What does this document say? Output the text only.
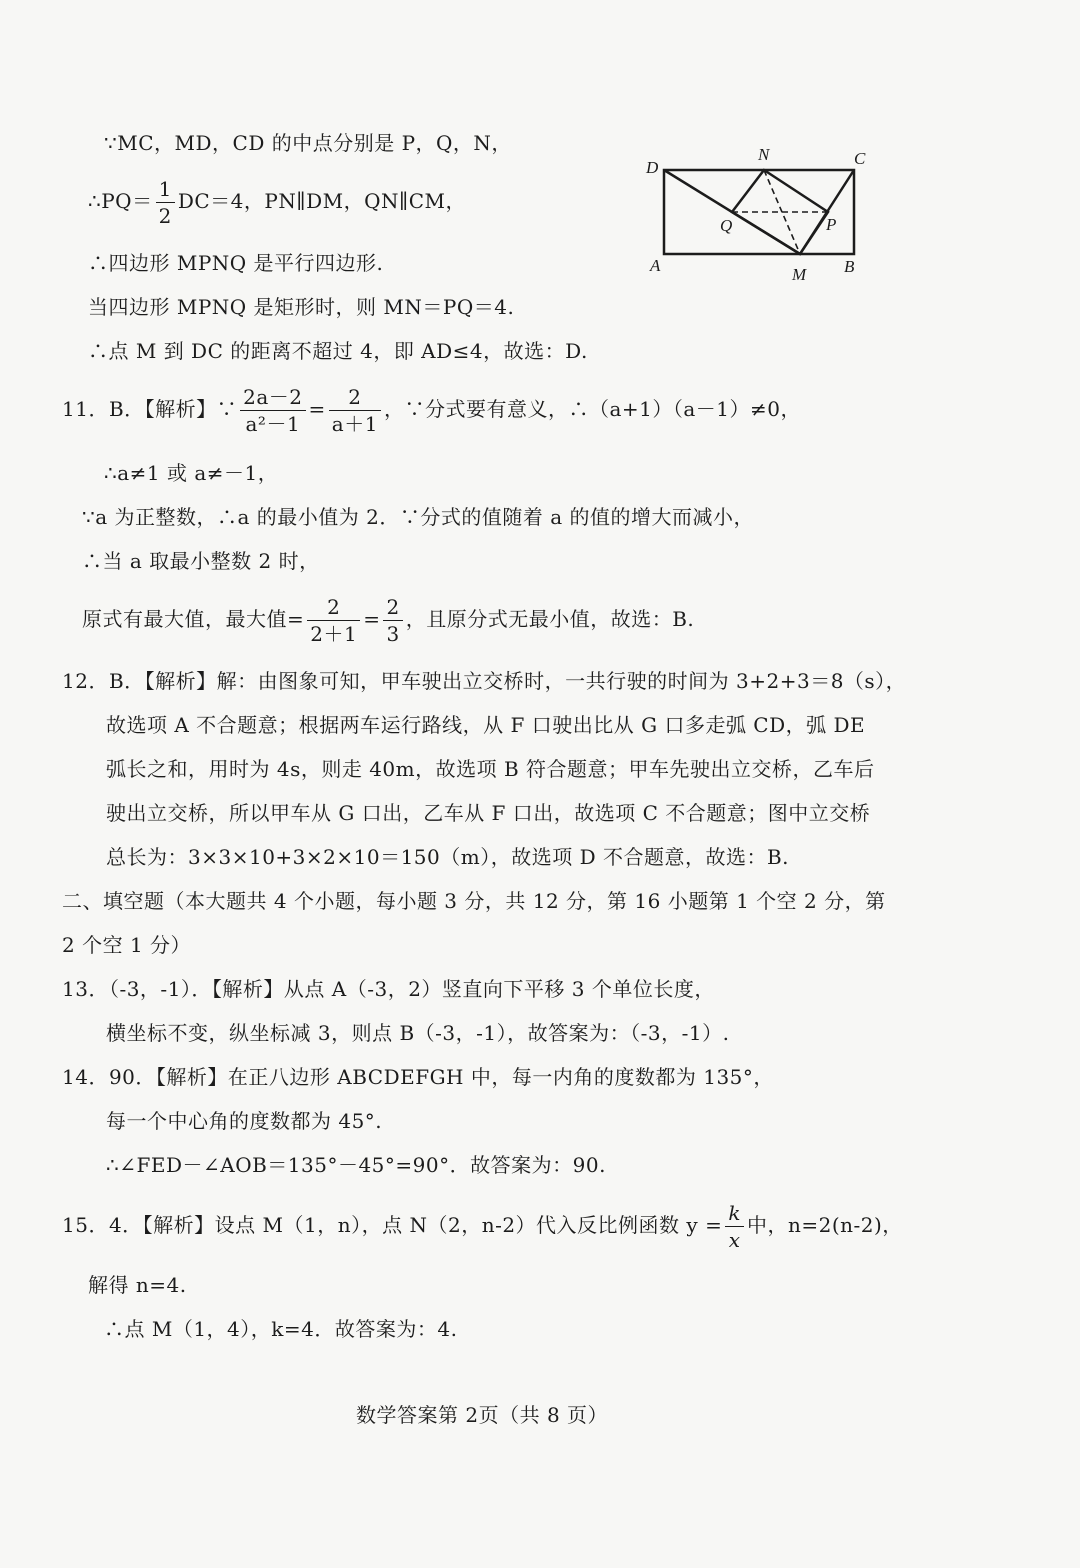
D
N	C
Q	P
A	M B
∵MC，MD，CD 的中点分别是 P，Q，N，
∴PQ＝ $\frac{1}{2} DC=4$，PN∥DM，QN∥CM，
∴四边形 MPNQ 是平行四边形.
当四边形 MPNQ 是矩形时，则 MN＝PQ＝4.
∴点 M 到 DC 的距离不超过 4，即 AD≤4，故选：D.
11．B．【解析】∵ $\frac{2a-2}{\text{a²－1}} = \frac{2}{a+1}$ ，∵分式要有意义，∴（a+1）（a－1）≠0，
∴a≠1 或 a≠－1，
∵a 为正整数，∴a 的最小值为 2．∵分式的值随着 a 的值的增大而减小，
∴当 a 取最小整数 2 时，
原式有最大值，最大值= $\frac{2}{2+1} = \frac{2}{3}$ ，且原分式无最小值，故选：B.
12．B．【解析】解：由图象可知，甲车驶出立交桥时，一共行驶的时间为 3+2+3＝8（s），
故选项 A 不合题意；根据两车运行路线，从 F 口驶出比从 G 口多走弧 CD，弧 DE
弧长之和，用时为 4s，则走 40m，故选项 B 符合题意；甲车先驶出立交桥，乙车后
驶出立交桥，所以甲车从 G 口出，乙车从 F 口出，故选项 C 不合题意；图中立交桥
总长为：3×3×10+3×2×10＝150（m），故选项 D 不合题意，故选：B.
二、填空题（本大题共 4 个小题，每小题 3 分，共 12 分，第 16 小题第 1 个空 2 分，第
2 个空 1 分）
13．（-3，-1）．【解析】从点 A（-3，2）竖直向下平移 3 个单位长度，
横坐标不变，纵坐标减 3，则点 B（-3，-1），故答案为：（-3，-1）.
14．90．【解析】在正八边形 ABCDEFGH 中，每一内角的度数都为 135°，
每一个中心角的度数都为 45°.
∴∠FED－∠AOB＝135°－45°=90°．故答案为：90.
15．4．【解析】设点 M（1，n），点 N（2，n-2）代入反比例函数 $y = \frac{k}{x}$ 中，n=2(n-2)，
解得 n=4.
∴点 M（1，4），k=4．故答案为：4.
数学答案第 2页（共 8 页）
